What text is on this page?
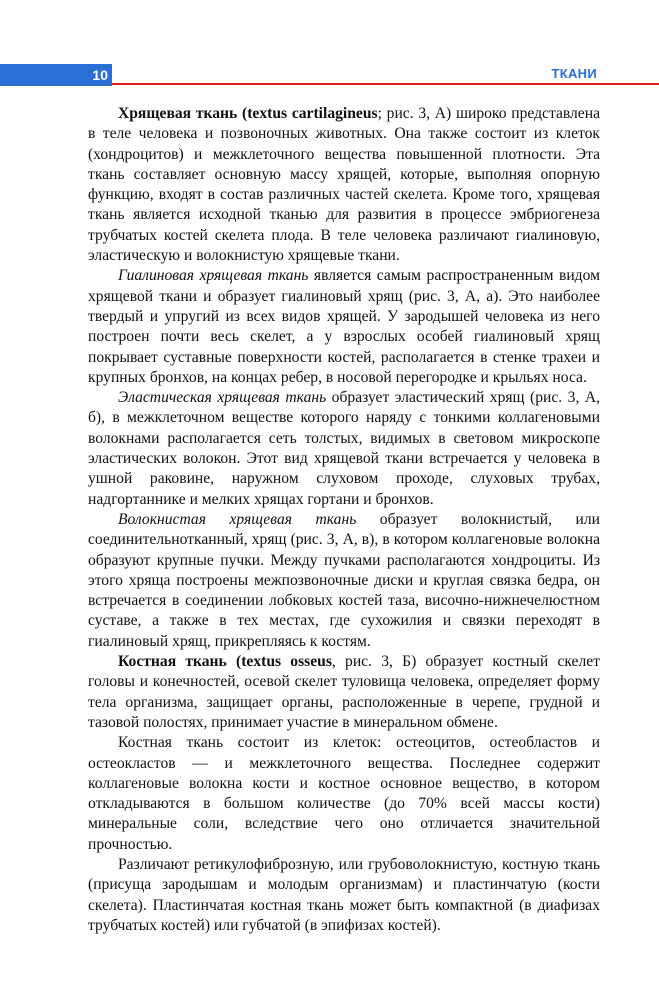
10	ТКАНИ

Хрящевая ткань (textus cartilagineus; рис. 3, А) широко представлена в теле человека и позвоночных животных. Она также состоит из клеток (хондроцитов) и межклеточного вещества повышенной плотности. Эта ткань составляет основную массу хрящей, которые, выполняя опорную функцию, входят в состав различных частей скелета. Кроме того, хрящевая ткань является исходной тканью для развития в процессе эмбриогенеза трубчатых костей скелета плода. В теле человека различают гиалиновую, эластическую и волокнистую хрящевые ткани.

Гиалиновая хрящевая ткань является самым распространенным видом хрящевой ткани и образует гиалиновый хрящ (рис. 3, А, а). Это наиболее твердый и упругий из всех видов хрящей. У зародышей человека из него построен почти весь скелет, а у взрослых особей гиалиновый хрящ покрывает суставные поверхности костей, располагается в стенке трахеи и крупных бронхов, на концах ребер, в носовой перегородке и крыльях носа.

Эластическая хрящевая ткань образует эластический хрящ (рис. 3, А, б), в межклеточном веществе которого наряду с тонкими коллагеновыми волокнами располагается сеть толстых, видимых в световом микроскопе эластических волокон. Этот вид хрящевой ткани встречается у человека в ушной раковине, наружном слуховом проходе, слуховых трубах, надгортаннике и мелких хрящах гортани и бронхов.

Волокнистая хрящевая ткань образует волокнистый, или соединительнотканный, хрящ (рис. 3, А, в), в котором коллагеновые волокна образуют крупные пучки. Между пучками располагаются хондроциты. Из этого хряща построены межпозвоночные диски и круглая связка бедра, он встречается в соединении лобковых костей таза, височно-нижнечелюстном суставе, а также в тех местах, где сухожилия и связки переходят в гиалиновый хрящ, прикрепляясь к костям.

Костная ткань (textus osseus, рис. 3, Б) образует костный скелет головы и конечностей, осевой скелет туловища человека, определяет форму тела организма, защищает органы, расположенные в черепе, грудной и тазовой полостях, принимает участие в минеральном обмене.

Костная ткань состоит из клеток: остеоцитов, остеобластов и остеокластов — и межклеточного вещества. Последнее содержит коллагеновые волокна кости и костное основное вещество, в котором откладываются в большом количестве (до 70% всей массы кости) минеральные соли, вследствие чего оно отличается значительной прочностью.

Различают ретикулофиброзную, или грубоволокнистую, костную ткань (присуща зародышам и молодым организмам) и пластинчатую (кости скелета). Пластинчатая костная ткань может быть компактной (в диафизах трубчатых костей) или губчатой (в эпифизах костей).
